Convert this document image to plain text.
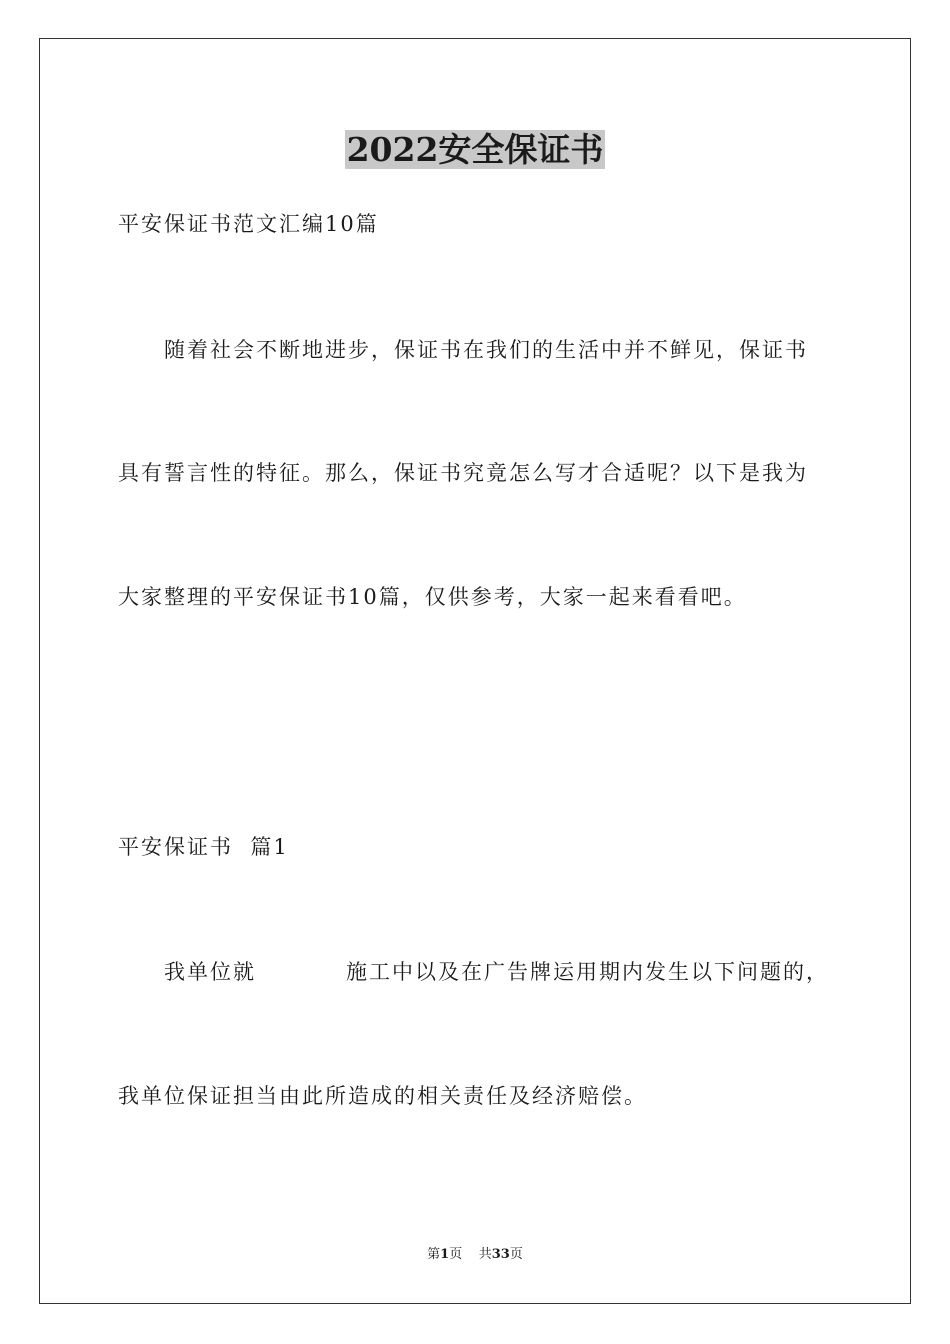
2022安全保证书
平安保证书范文汇编10篇
随着社会不断地进步，保证书在我们的生活中并不鲜见，保证书
具有誓言性的特征。那么，保证书究竟怎么写才合适呢？以下是我为
大家整理的平安保证书10篇，仅供参考，大家一起来看看吧。
平安保证书  篇1
我单位就	施工中以及在广告牌运用期内发生以下问题的，
我单位保证担当由此所造成的相关责任及经济赔偿。
第1页 共33页
